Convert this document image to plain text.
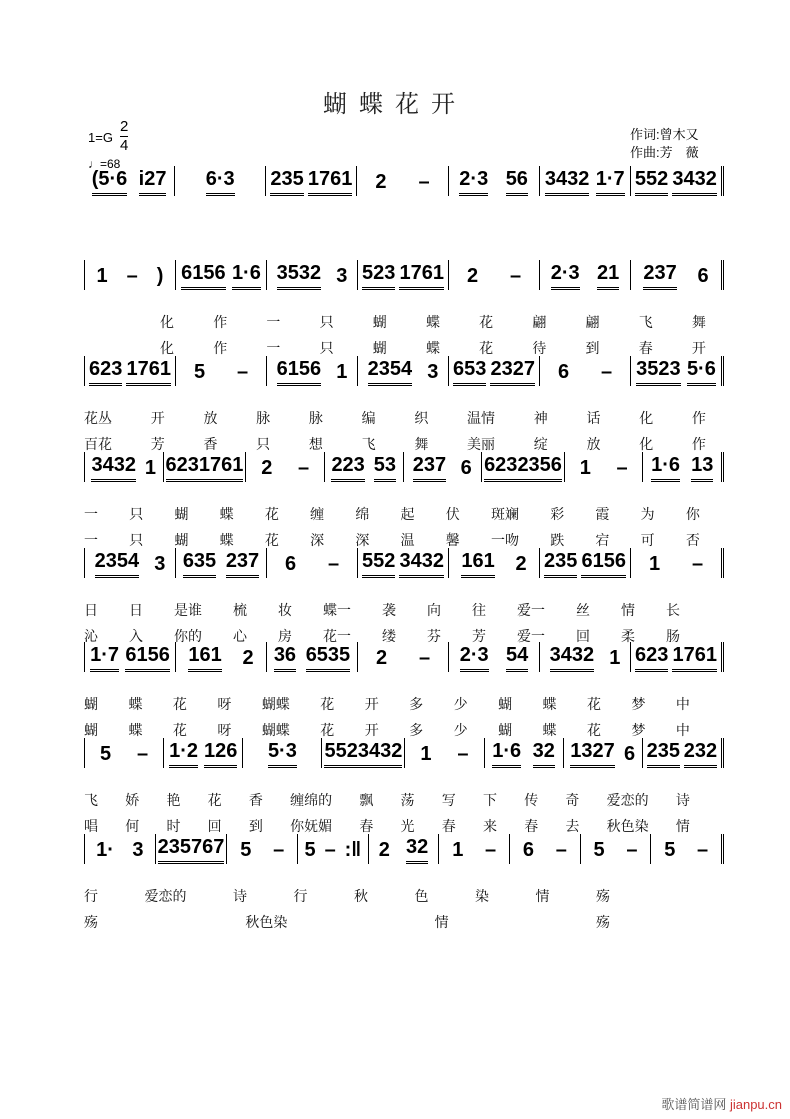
蝴蝶花开
1=G
2
4
♩=68
作词:曾木又
作曲:芳　薇
(5·6 i27 6·3 235 1761 2 – 2·3 56 3432 1·7 552 3432
1 – ) 6156 1·6 3532 3 523 1761 2 – 2·3 21 237 6
化	作	一	只	蝴	蝶	花	翩	翩	飞	舞
化	作	一	只	蝴	蝶	花	待	到	春	开
623 1761 5 – 6156 1 2354 3 653 2327 6 – 3523 5·6
花丛	开	放	脉	脉	编	织	温情	神	话	化	作
百花	芳	香	只	想	飞	舞	美丽	绽	放	化	作
3432 1 623 1761 2 – 223 53 237 6 623 2356 1 – 1·6 13
一 只 蝴 蝶 花 缠 绵 起 伏 斑斓 彩 霞 为 你
一 只 蝴 蝶 花 深 深 温 馨 一吻 跌 宕 可 否
2354 3 635 237 6 – 552 3432 161 2 235 6156 1 –
日 日 是谁 梳 妆 蝶一 袭 向 往 爱一 丝 情 长
沁 入 你的 心 房 花一 缕 芬 芳 爱一 回 柔 肠
1·7 6156 161 2 36 6535 2 – 2·3 54 3432 1 623 1761
蝴 蝶 花 呀 蝴蝶 花 开 多 少 蝴 蝶 花 梦 中
蝴 蝶 花 呀 蝴蝶 花 开 多 少 蝴 蝶 花 梦 中
5 – 1·2 126 5·3 552 3432 1 – 1·6 32 1327 6 235 232
飞 娇 艳 花 香 缠绵的 飘 荡 写 下 传 奇 爱恋的 诗
唱 何 时 回 到 你妩媚 春 光 春 来 春 去 秋色染 情
1· 3 235 767 5 – 5 – :‖ 2 32 1 – 6 – 5 – 5 –
行	爱恋的	诗	行	秋	色	染	情	殇
殇	秋色染	情	殇
歌谱简谱网 jianpu.cn
